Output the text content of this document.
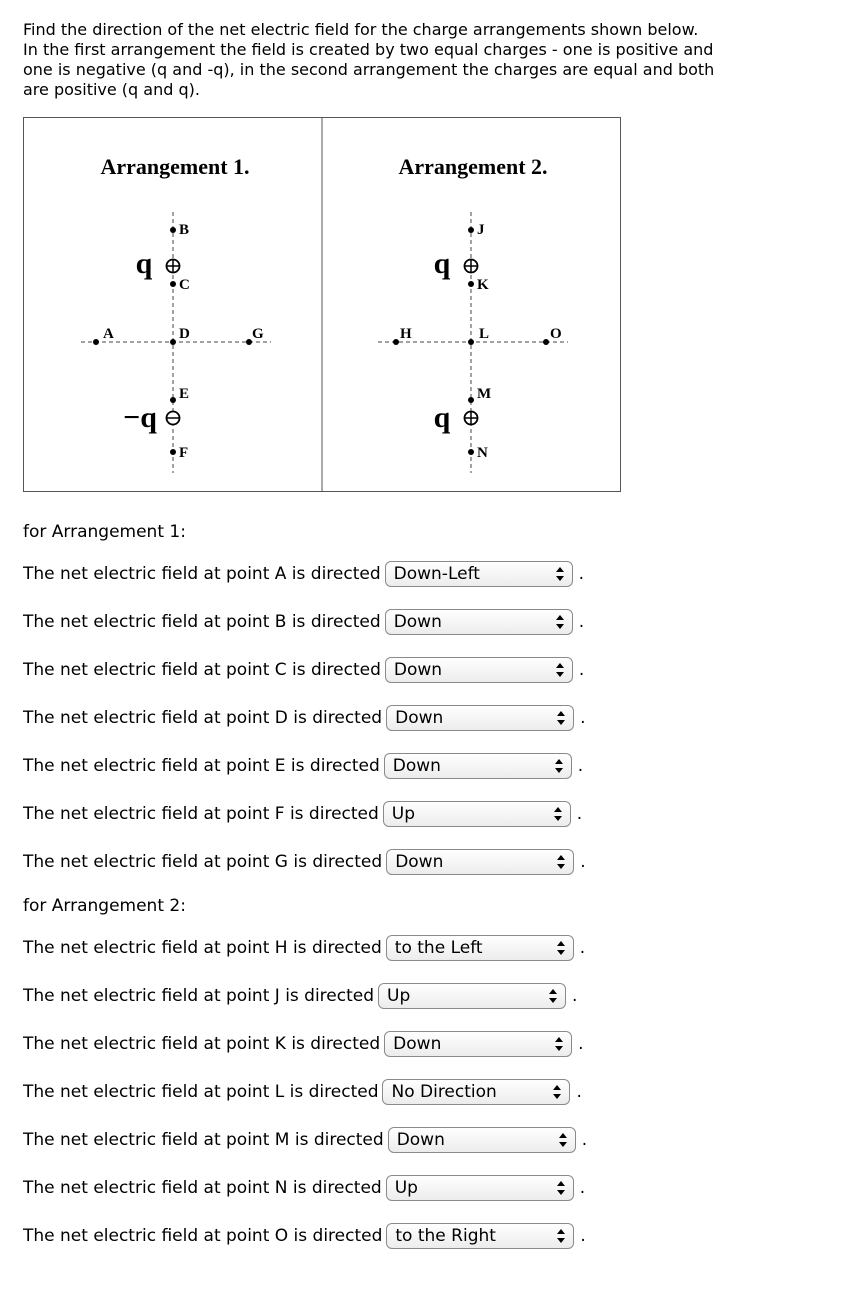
Find the direction of the net electric field for the charge arrangements shown below.
In the first arrangement the field is created by two equal charges - one is positive and
one is negative (q and -q), in the second arrangement the charges are equal and both
are positive (q and q).
Arrangement 1.
q
−q
B
C
A	D	G
E
F
Arrangement 2.
q
q
J
K
H	L	O
M
N
for Arrangement 1:
The net electric field at point A is directed Down-Left	.
The net electric field at point B is directed Down	.
The net electric field at point C is directed Down	.
The net electric field at point D is directed Down	.
The net electric field at point E is directed Down	.
The net electric field at point F is directed Up	.
The net electric field at point G is directed Down	.
for Arrangement 2:
The net electric field at point H is directed to the Left	.
The net electric field at point J is directed Up	.
The net electric field at point K is directed Down	.
The net electric field at point L is directed No Direction	.
The net electric field at point M is directed Down	.
The net electric field at point N is directed Up	.
The net electric field at point O is directed to the Right	.
